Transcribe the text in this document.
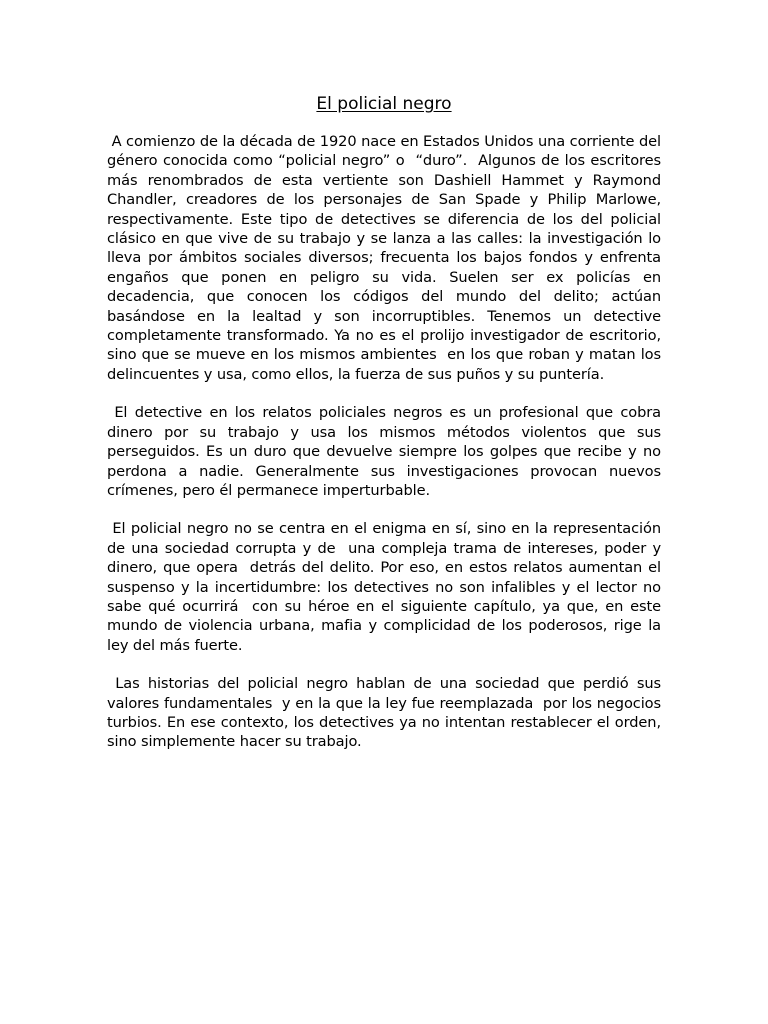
El policial negro

A comienzo de la década de 1920 nace en Estados Unidos una corriente del género conocida como “policial negro” o  “duro”.  Algunos de los escritores más renombrados de esta vertiente son Dashiell Hammet y Raymond Chandler, creadores de los personajes de San Spade y Philip Marlowe, respectivamente. Este tipo de detectives se diferencia de los del policial clásico en que vive de su trabajo y se lanza a las calles: la investigación lo lleva por ámbitos sociales diversos; frecuenta los bajos fondos y enfrenta engaños que ponen en peligro su vida. Suelen ser ex policías en decadencia, que conocen los códigos del mundo del delito; actúan basándose en la lealtad y son incorruptibles. Tenemos un detective completamente transformado. Ya no es el prolijo investigador de escritorio, sino que se mueve en los mismos ambientes  en los que roban y matan los delincuentes y usa, como ellos, la fuerza de sus puños y su puntería.

El detective en los relatos policiales negros es un profesional que cobra dinero por su trabajo y usa los mismos métodos violentos que sus perseguidos. Es un duro que devuelve siempre los golpes que recibe y no perdona a nadie. Generalmente sus investigaciones provocan nuevos crímenes, pero él permanece imperturbable.

El policial negro no se centra en el enigma en sí, sino en la representación de una sociedad corrupta y de  una compleja trama de intereses, poder y dinero, que opera  detrás del delito. Por eso, en estos relatos aumentan el suspenso y la incertidumbre: los detectives no son infalibles y el lector no sabe qué ocurrirá  con su héroe en el siguiente capítulo, ya que, en este mundo de violencia urbana, mafia y complicidad de los poderosos, rige la ley del más fuerte.

Las historias del policial negro hablan de una sociedad que perdió sus valores fundamentales  y en la que la ley fue reemplazada  por los negocios turbios. En ese contexto, los detectives ya no intentan restablecer el orden, sino simplemente hacer su trabajo.
